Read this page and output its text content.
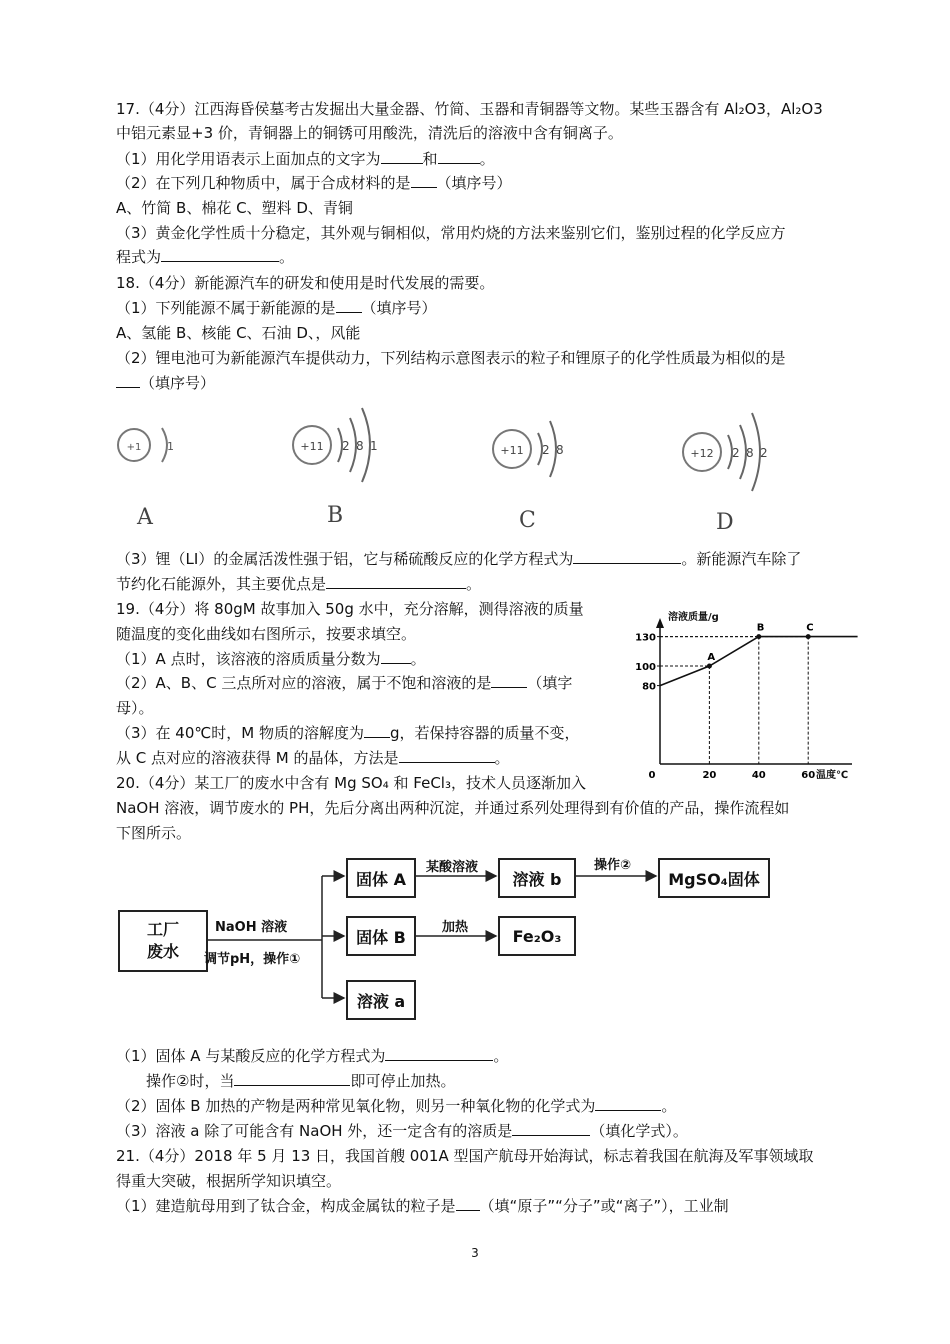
17.（4分）江西海昏侯墓考古发掘出大量金器、竹简、玉器和青铜器等文物。某些玉器含有 Al₂O3，Al₂O3
中铝元素显+3 价，青铜器上的铜锈可用酸洗，清洗后的溶液中含有铜离子。
（1）用化学用语表示上面加点的文字为	和	。
（2）在下列几种物质中，属于合成材料的是 （填序号）
A、竹简 B、棉花 C、塑料 D、青铜
（3）黄金化学性质十分稳定，其外观与铜相似，常用灼烧的方法来鉴别它们，鉴别过程的化学反应方
程式为	。
18.（4分）新能源汽车的研发和使用是时代发展的需要。
（1）下列能源不属于新能源的是 （填序号）
A、氢能 B、核能 C、石油 D、，风能
（2）锂电池可为新能源汽车提供动力，下列结构示意图表示的粒子和锂原子的化学性质最为相似的是
（填序号）
+1 1
A
+11 2 8 1
B
+11 2 8
C
+12 2 8 2
D
（3）锂（LI）的金属活泼性强于铝，它与稀硫酸反应的化学方程式为	。新能源汽车除了
节约化石能源外，其主要优点是	。
19.（4分）将 80gM 故事加入 50g 水中，充分溶解，测得溶液的质量
随温度的变化曲线如右图所示，按要求填空。
（1）A 点时，该溶液的溶质质量分数为 。
（2）A、B、C 三点所对应的溶液，属于不饱和溶液的是 （填字
母）。
（3）在 40℃时，M 物质的溶解度为 g，若保持容器的质量不变，
从 C 点对应的溶液获得 M 的晶体，方法是	。
溶液质量/g
温度℃
80
100
130
0	20	40	60
A
B	C
20.（4分）某工厂的废水中含有 Mg SO₄ 和 FeCl₃，技术人员逐渐加入
NaOH 溶液，调节废水的 PH，先后分离出两种沉淀，并通过系列处理得到有价值的产品，操作流程如
下图所示。
工厂
废水
NaOH 溶液
调节pH，操作①
固体 A
固体 B
溶液 a
某酸溶液
加热
溶液 b
Fe₂O₃
操作②
MgSO₄固体
（1）固体 A 与某酸反应的化学方程式为	。
操作②时，当	即可停止加热。
（2）固体 B 加热的产物是两种常见氧化物，则另一种氧化物的化学式为	。
（3）溶液 a 除了可能含有 NaOH 外，还一定含有的溶质是	（填化学式）。
21.（4分）2018 年 5 月 13 日，我国首艘 001A 型国产航母开始海试，标志着我国在航海及军事领域取
得重大突破，根据所学知识填空。
（1）建造航母用到了钛合金，构成金属钛的粒子是 （填“原子”“分子”或“离子”），工业制
3
